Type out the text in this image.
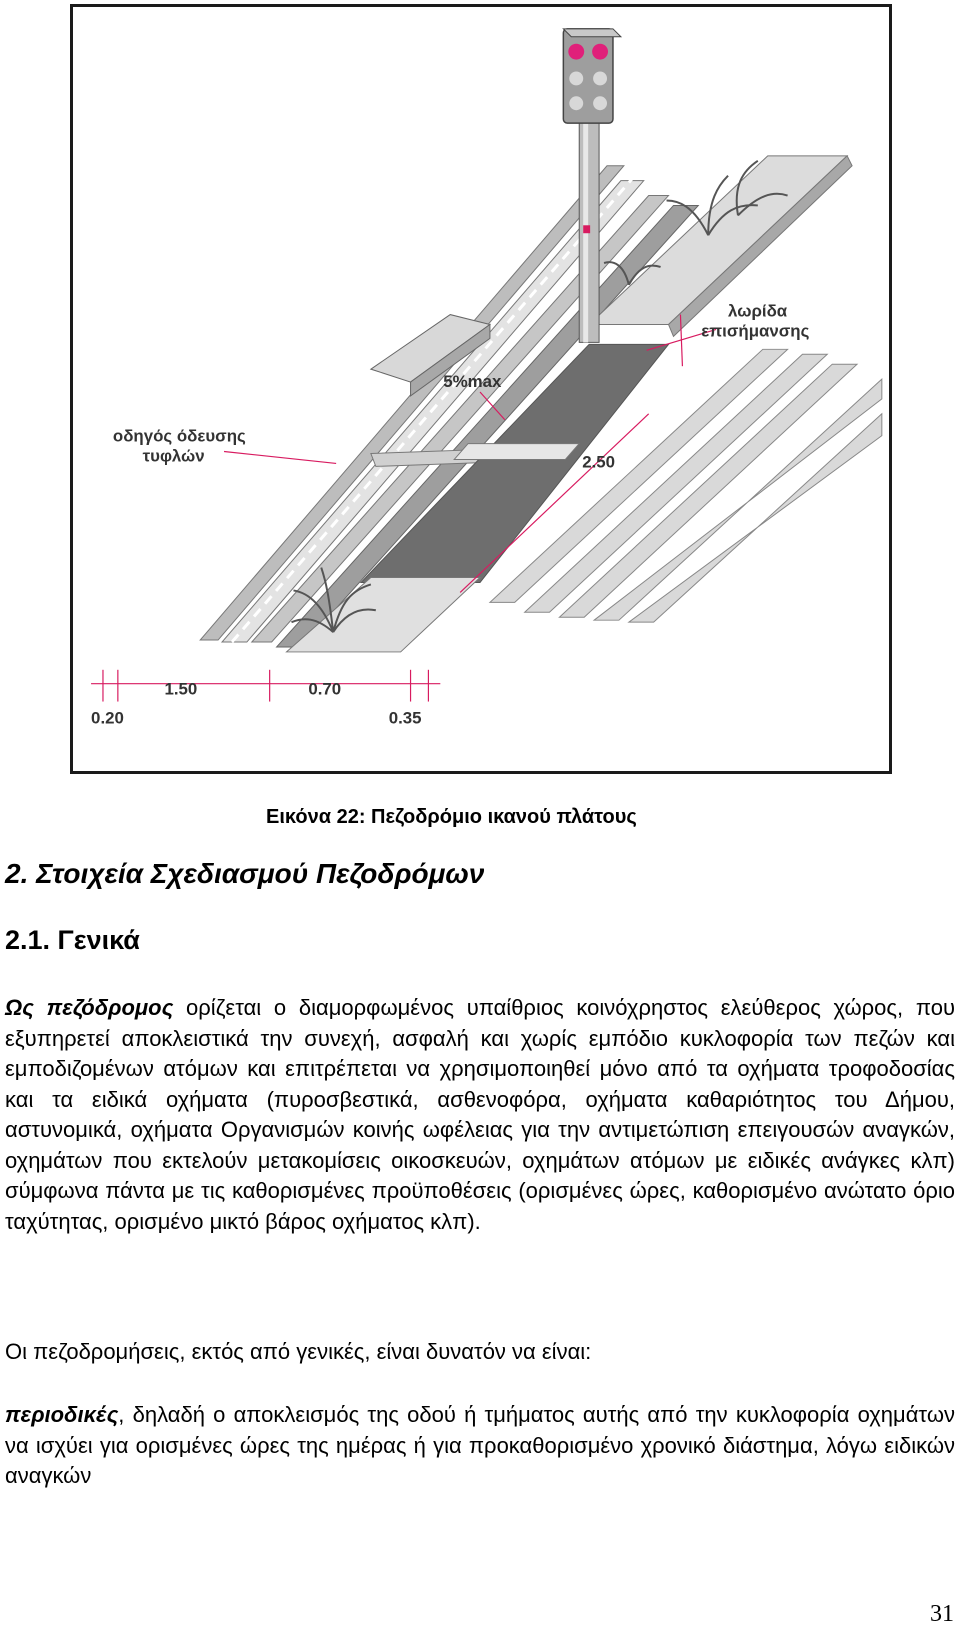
οδηγός όδευσης
τυφλών
λωρίδα
επισήμανσης
5%max
2.50
1.50	0.70
0.20	0.35
Εικόνα 22: Πεζοδρόμιο ικανού πλάτους
2. Στοιχεία Σχεδιασμού Πεζοδρόμων
2.1. Γενικά

Ως πεζόδρομος ορίζεται ο διαμορφωμένος υπαίθριος κοινόχρηστος ελεύθερος χώρος, που εξυπηρετεί αποκλειστικά την συνεχή, ασφαλή και χωρίς εμπόδιο κυκλοφορία των πεζών και εμποδιζομένων ατόμων και επιτρέπεται να χρησιμοποιηθεί μόνο από τα οχήματα τροφοδοσίας και τα ειδικά οχήματα (πυροσβεστικά, ασθενοφόρα, οχήματα καθαριότητος του Δήμου, αστυνομικά, οχήματα Οργανισμών κοινής ωφέλειας για την αντιμετώπιση επειγουσών αναγκών, οχημάτων που εκτελούν μετακομίσεις οικοσκευών, οχημάτων ατόμων με ειδικές ανάγκες κλπ) σύμφωνα πάντα με τις καθορισμένες προϋποθέσεις (ορισμένες ώρες, καθορισμένο ανώτατο όριο ταχύτητας, ορισμένο μικτό βάρος οχήματος κλπ).

Οι πεζοδρομήσεις, εκτός από γενικές, είναι δυνατόν να είναι:

περιοδικές, δηλαδή ο αποκλεισμός της οδού ή τμήματος αυτής από την κυκλοφορία οχημάτων να ισχύει για ορισμένες ώρες της ημέρας ή για προκαθορισμένο χρονικό διάστημα, λόγω ειδικών αναγκών

31
